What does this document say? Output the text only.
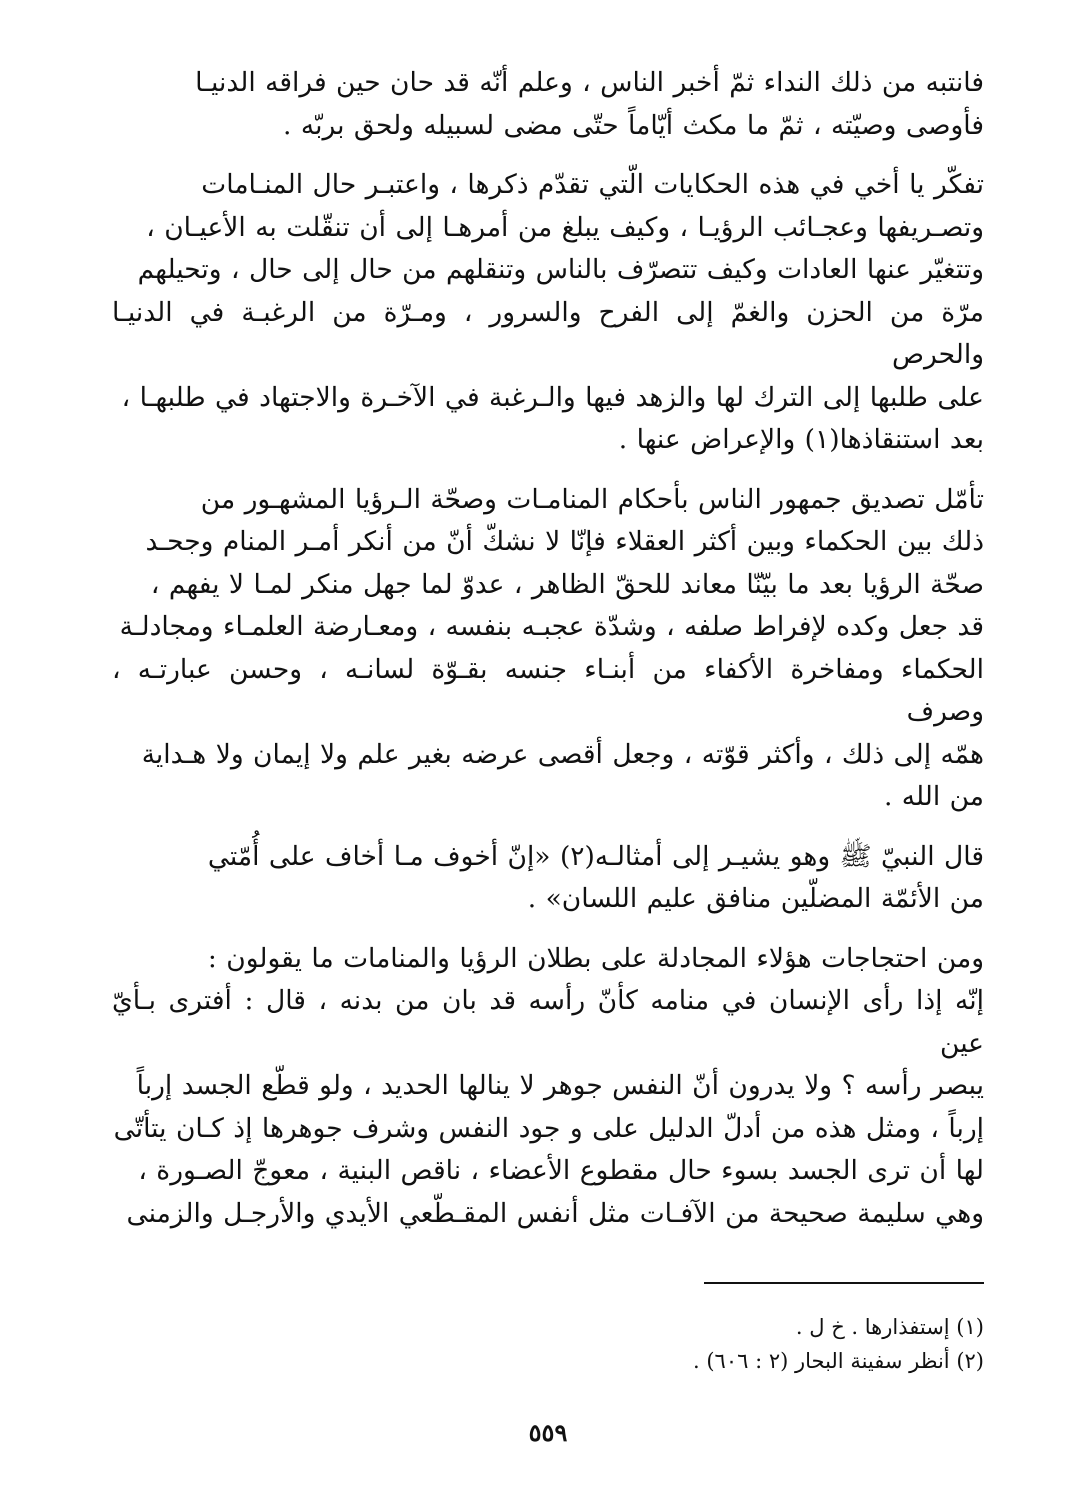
فانتبه من ذلك النداء ثمّ أخبر الناس ، وعلم أنّه قد حان حين فراقه الدنيـا
فأوصى وصيّته ، ثمّ ما مكث أيّاماً حتّى مضى لسبيله ولحق بربّه .

تفكّر يا أخي في هذه الحكايات الّتي تقدّم ذكرها ، واعتبـر حال المنـامات
وتصـريفها وعجـائب الرؤيـا ، وكيف يبلغ من أمرهـا إلى أن تنقّلت به الأعيـان ،
وتتغيّر عنها العادات وكيف تتصرّف بالناس وتنقلهم من حال إلى حال ، وتحيلهم
مرّة من الحزن والغمّ إلى الفرح والسرور ، ومـرّة من الرغبـة في الدنيـا والحرص
على طلبها إلى الترك لها والزهد فيها والـرغبة في الآخـرة والاجتهاد في طلبهـا ،
بعد استنقاذها(١) والإعراض عنها .

تأمّل تصديق جمهور الناس بأحكام المنامـات وصحّة الـرؤيا المشهـور من
ذلك بين الحكماء وبين أكثر العقلاء فإنّا لا نشكّ أنّ من أنكر أمـر المنام وجحـد
صحّة الرؤيا بعد ما بيّنّا معاند للحقّ الظاهر ، عدوّ لما جهل منكر لمـا لا يفهم ،
قد جعل وكده لإفراط صلفه ، وشدّة عجبـه بنفسه ، ومعـارضة العلمـاء ومجادلـة
الحكماء ومفاخرة الأكفاء من أبنـاء جنسه بقـوّة لسانـه ، وحسن عبارتـه ، وصرف
همّه إلى ذلك ، وأكثر قوّته ، وجعل أقصى عرضه بغير علم ولا إيمان ولا هـداية
من الله .

قال النبيّ ﷺ وهو يشيـر إلى أمثالـه(٢) «إنّ أخوف مـا أخاف على أُمّتي
من الأئمّة المضلّين منافق عليم اللسان» .

ومن احتجاجات هؤلاء المجادلة على بطلان الرؤيا والمنامات ما يقولون :
إنّه إذا رأى الإنسان في منامه كأنّ رأسه قد بان من بدنه ، قال : أفترى بـأيّ عين
يبصر رأسه ؟ ولا يدرون أنّ النفس جوهر لا ينالها الحديد ، ولو قطّع الجسد إرباً
إرباً ، ومثل هذه من أدلّ الدليل على و جود النفس وشرف جوهرها إذ كـان يتأتّى
لها أن ترى الجسد بسوء حال مقطوع الأعضاء ، ناقص البنية ، معوجّ الصـورة ،
وهي سليمة صحيحة من الآفـات مثل أنفس المقـطّعي الأيدي والأرجـل والزمنى

(١) إستفذارها . خ ل .

(٢) أنظر سفينة البحار (٢ : ٦٠٦) .

٥٥٩
